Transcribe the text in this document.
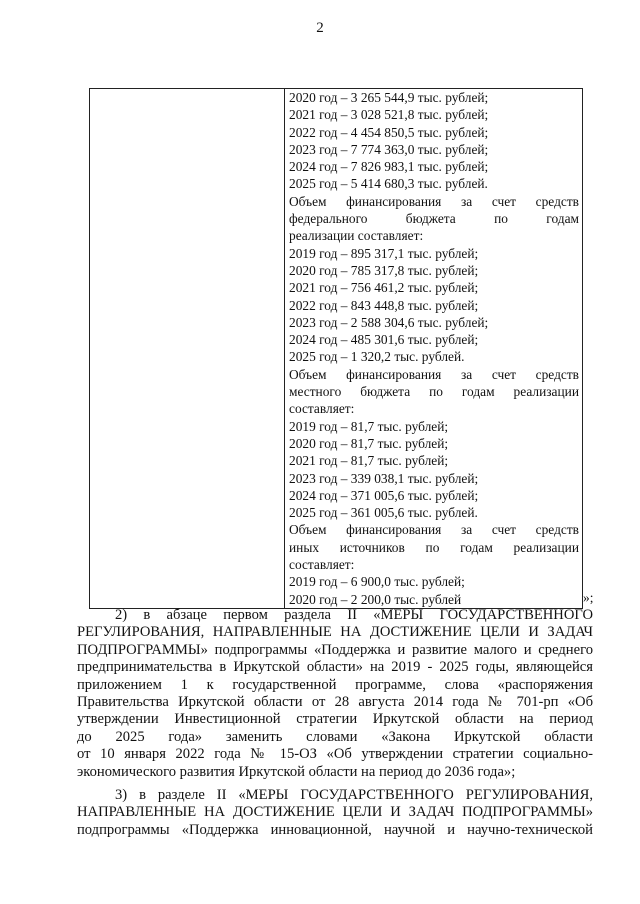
2

2020 год – 3 265 544,9 тыс. рублей;
2021 год – 3 028 521,8 тыс. рублей;
2022 год – 4 454 850,5 тыс. рублей;
2023 год – 7 774 363,0 тыс. рублей;
2024 год – 7 826 983,1 тыс. рублей;
2025 год – 5 414 680,3 тыс. рублей.
Объем финансирования за счет средств
федерального бюджета по годам
реализации составляет:
2019 год – 895 317,1 тыс. рублей;
2020 год – 785 317,8 тыс. рублей;
2021 год – 756 461,2 тыс. рублей;
2022 год – 843 448,8 тыс. рублей;
2023 год – 2 588 304,6 тыс. рублей;
2024 год – 485 301,6 тыс. рублей;
2025 год – 1 320,2 тыс. рублей.
Объем финансирования за счет средств
местного бюджета по годам реализации
составляет:
2019 год – 81,7 тыс. рублей;
2020 год – 81,7 тыс. рублей;
2021 год – 81,7 тыс. рублей;
2023 год – 339 038,1 тыс. рублей;
2024 год – 371 005,6 тыс. рублей;
2025 год – 361 005,6 тыс. рублей.
Объем финансирования за счет средств
иных источников по годам реализации
составляет:
2019 год – 6 900,0 тыс. рублей;
2020 год – 2 200,0 тыс. рублей	»;

2) в абзаце первом раздела II «МЕРЫ ГОСУДАРСТВЕННОГО

РЕГУЛИРОВАНИЯ, НАПРАВЛЕННЫЕ НА ДОСТИЖЕНИЕ ЦЕЛИ И ЗАДАЧ

ПОДПРОГРАММЫ» подпрограммы «Поддержка и развитие малого и среднего

предпринимательства в Иркутской области» на 2019 - 2025 годы, являющейся

приложением 1 к государственной программе, слова «распоряжения

Правительства Иркутской области от 28 августа 2014 года № 701-рп «Об

утверждении Инвестиционной стратегии Иркутской области на период

до 2025 года» заменить словами «Закона Иркутской области

от 10 января 2022 года № 15-ОЗ «Об утверждении стратегии социально-

экономического развития Иркутской области на период до 2036 года»;

3) в разделе II «МЕРЫ ГОСУДАРСТВЕННОГО РЕГУЛИРОВАНИЯ,

НАПРАВЛЕННЫЕ НА ДОСТИЖЕНИЕ ЦЕЛИ И ЗАДАЧ ПОДПРОГРАММЫ»

подпрограммы «Поддержка инновационной, научной и научно-технической
